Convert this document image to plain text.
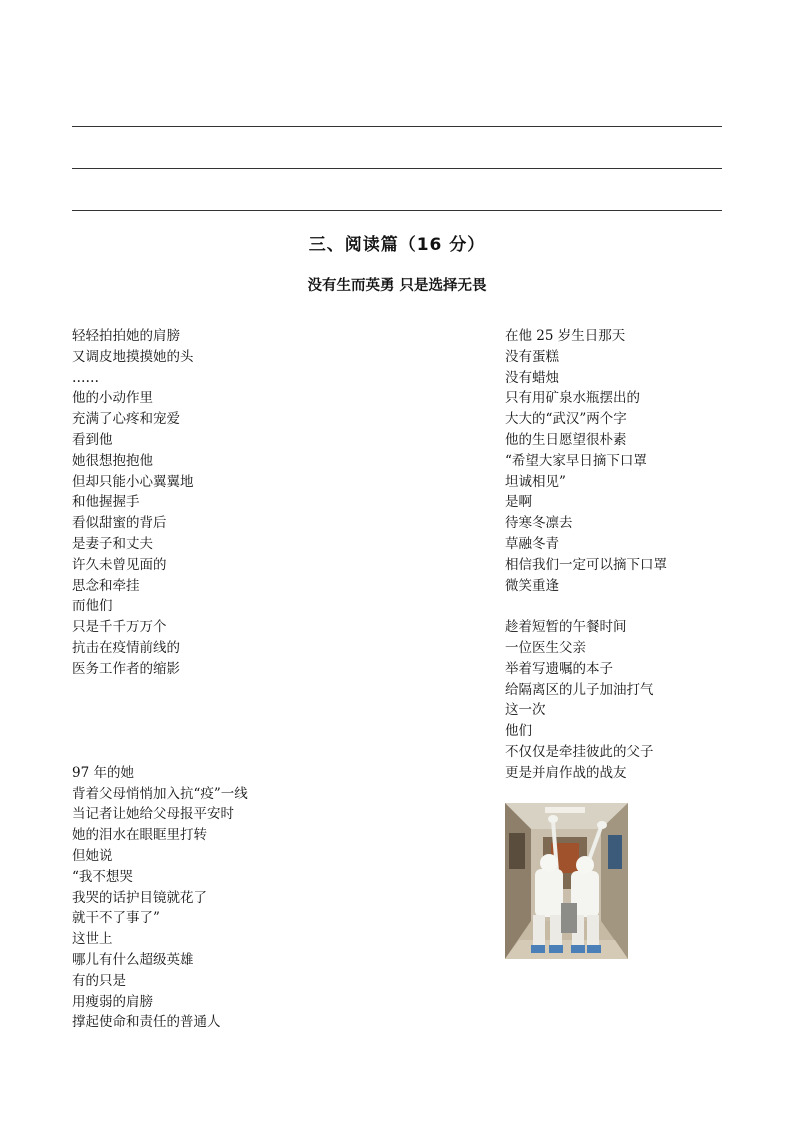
三、阅读篇（16 分）
没有生而英勇 只是选择无畏
轻轻拍拍她的肩膀
又调皮地摸摸她的头
……
他的小动作里
充满了心疼和宠爱
看到他
她很想抱抱他
但却只能小心翼翼地
和他握握手
看似甜蜜的背后
是妻子和丈夫
许久未曾见面的
思念和牵挂
而他们
只是千千万万个
抗击在疫情前线的
医务工作者的缩影
97 年的她
背着父母悄悄加入抗“疫”一线
当记者让她给父母报平安时
她的泪水在眼眶里打转
但她说
“我不想哭
我哭的话护目镜就花了
就干不了事了”
这世上
哪儿有什么超级英雄
有的只是
用瘦弱的肩膀
撑起使命和责任的普通人
在他 25 岁生日那天
没有蛋糕
没有蜡烛
只有用矿泉水瓶摆出的
大大的“武汉”两个字
他的生日愿望很朴素
“希望大家早日摘下口罩
坦诚相见”
是啊
待寒冬凛去
草融冬青
相信我们一定可以摘下口罩
微笑重逢
趁着短暂的午餐时间
一位医生父亲
举着写遗嘱的本子
给隔离区的儿子加油打气
这一次
他们
不仅仅是牵挂彼此的父子
更是并肩作战的战友
